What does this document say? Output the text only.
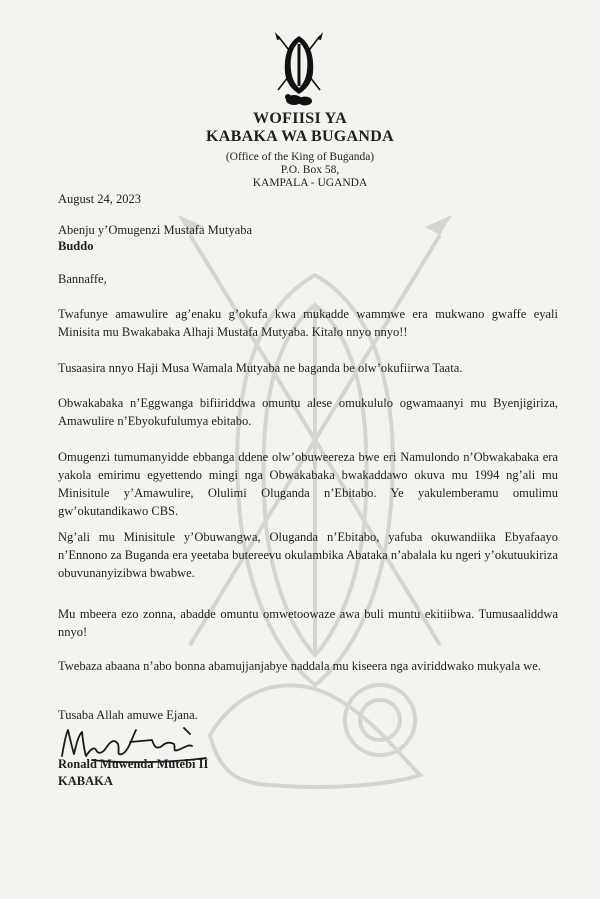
WOFIISI YA
KABAKA WA BUGANDA
(Office of the King of Buganda)
P.O. Box 58,
KAMPALA - UGANDA
August 24, 2023
Abenju y’Omugenzi Mustafa Mutyaba
Buddo
Bannaffe,
Twafunye amawulire ag’enaku g’okufa kwa mukadde wammwe era mukwano gwaffe eyali Minisita mu Bwakabaka Alhaji Mustafa Mutyaba. Kitalo nnyo nnyo!!
Tusaasira nnyo Haji Musa Wamala Mutyaba ne baganda be olw’okufiirwa Taata.
Obwakabaka n’Eggwanga bifiiriddwa omuntu alese omukululo ogwamaanyi mu Byenjigiriza, Amawulire n’Ebyokufulumya ebitabo.
Omugenzi tumumanyidde ebbanga ddene olw’obuweereza bwe eri Namulondo n’Obwakabaka era yakola emirimu egyettendo mingi nga Obwakabaka bwakaddawo okuva mu 1994 ng’ali mu Minisitule y’Amawulire, Olulimi Oluganda n’Ebitabo. Ye yakulemberamu omulimu gw’okutandikawo CBS.
Ng’ali mu Minisitule y’Obuwangwa, Oluganda n’Ebitabo, yafuba okuwandiika Ebyafaayo n’Ennono za Buganda era yeetaba butereevu okulambika Abataka n’abalala ku ngeri y’okutuukiriza obuvunanyizibwa bwabwe.
Mu mbeera ezo zonna, abadde omuntu omwetoowaze awa buli muntu ekitiibwa. Tumusaaliddwa nnyo!
Twebaza abaana n’abo bonna abamujjanjabye naddala mu kiseera nga aviriddwako mukyala we.
Tusaba Allah amuwe Ejana.
Ronald Muwenda Mutebi II
KABAKA
